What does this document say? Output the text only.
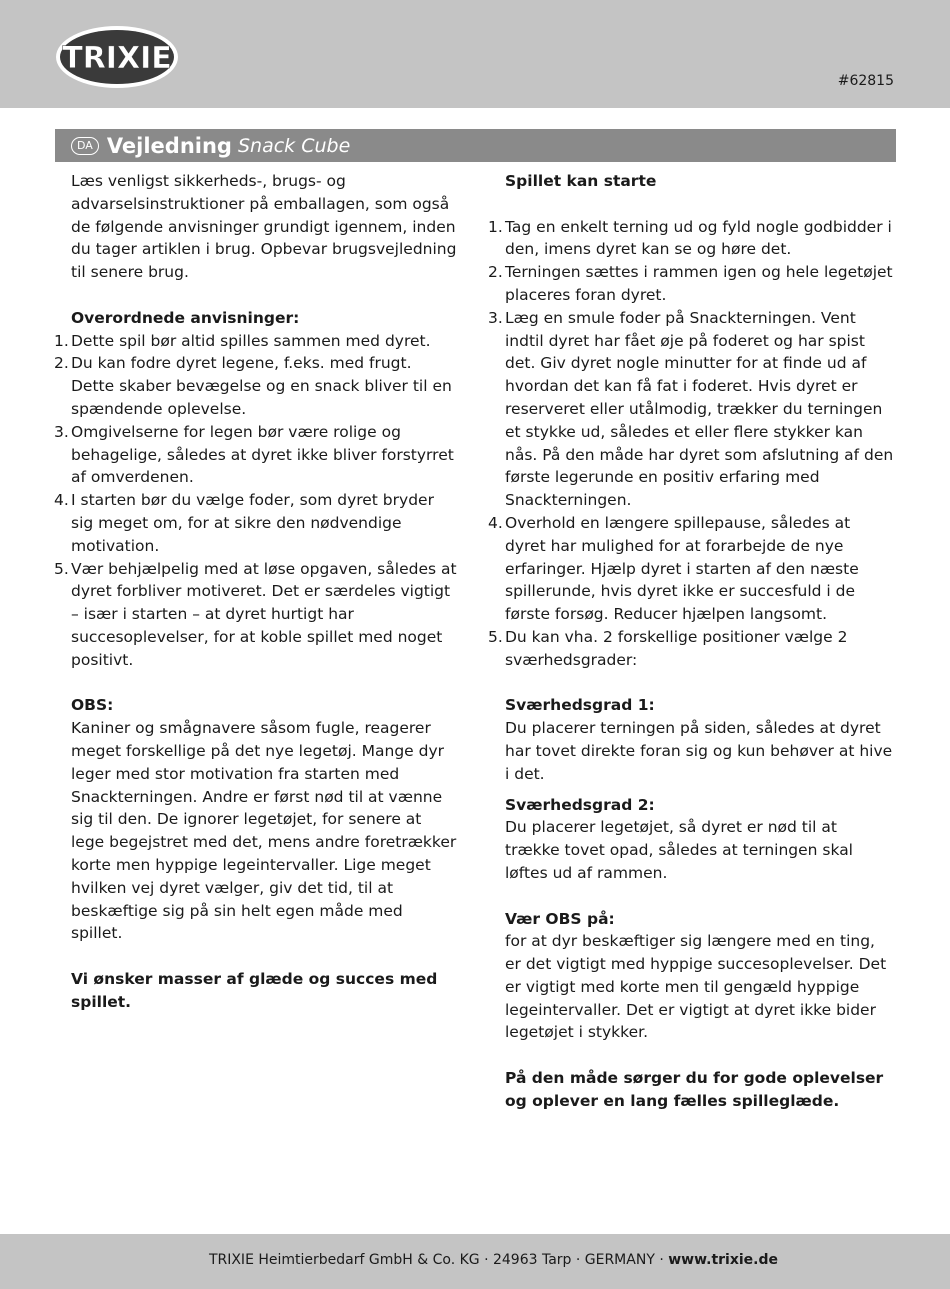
TRIXIE
#62815
DA Vejledning Snack Cube

Læs venligst sikkerheds-, brugs- og advarselsinstruktioner på emballagen, som også de følgende anvisninger grundigt igennem, inden du tager artiklen i brug. Opbevar brugsvejledning til senere brug.

Overordnede anvisninger:

1. Dette spil bør altid spilles sammen med dyret.
2. Du kan fodre dyret legene, f.eks. med frugt. Dette skaber bevægelse og en snack bliver til en spændende oplevelse.
3. Omgivelserne for legen bør være rolige og behagelige, således at dyret ikke bliver forstyrret af omverdenen.
4. I starten bør du vælge foder, som dyret bryder sig meget om, for at sikre den nødvendige motivation.
5. Vær behjælpelig med at løse opgaven, således at dyret forbliver motiveret. Det er særdeles vigtigt – især i starten – at dyret hurtigt har succesoplevelser, for at koble spillet med noget positivt.

OBS:

Kaniner og smågnavere såsom fugle, reagerer meget forskellige på det nye legetøj. Mange dyr leger med stor motivation fra starten med Snackterningen. Andre er først nød til at vænne sig til den. De ignorer legetøjet, for senere at lege begejstret med det, mens andre foretrækker korte men hyppige legeintervaller. Lige meget hvilken vej dyret vælger, giv det tid, til at beskæftige sig på sin helt egen måde med spillet.

Vi ønsker masser af glæde og succes med spillet.

Spillet kan starte

1. Tag en enkelt terning ud og fyld nogle godbidder i den, imens dyret kan se og høre det.
2. Terningen sættes i rammen igen og hele legetøjet placeres foran dyret.
3. Læg en smule foder på Snackterningen. Vent indtil dyret har fået øje på foderet og har spist det. Giv dyret nogle minutter for at finde ud af hvordan det kan få fat i foderet. Hvis dyret er reserveret eller utålmodig, trækker du terningen et stykke ud, således et eller flere stykker kan nås. På den måde har dyret som afslutning af den første legerunde en positiv erfaring med Snackterningen.
4. Overhold en længere spillepause, således at dyret har mulighed for at forarbejde de nye erfaringer. Hjælp dyret i starten af den næste spillerunde, hvis dyret ikke er succesfuld i de første forsøg. Reducer hjælpen langsomt.
5. Du kan vha. 2 forskellige positioner vælge 2 sværhedsgrader:

Sværhedsgrad 1:

Du placerer terningen på siden, således at dyret har tovet direkte foran sig og kun behøver at hive i det.

Sværhedsgrad 2:

Du placerer legetøjet, så dyret er nød til at trække tovet opad, således at terningen skal løftes ud af rammen.

Vær OBS på:

for at dyr beskæftiger sig længere med en ting, er det vigtigt med hyppige succesoplevelser. Det er vigtigt med korte men til gengæld hyppige legeintervaller. Det er vigtigt at dyret ikke bider legetøjet i stykker.

På den måde sørger du for gode oplevelser og oplever en lang fælles spilleglæde.

TRIXIE Heimtierbedarf GmbH & Co. KG · 24963 Tarp · GERMANY · www.trixie.de
